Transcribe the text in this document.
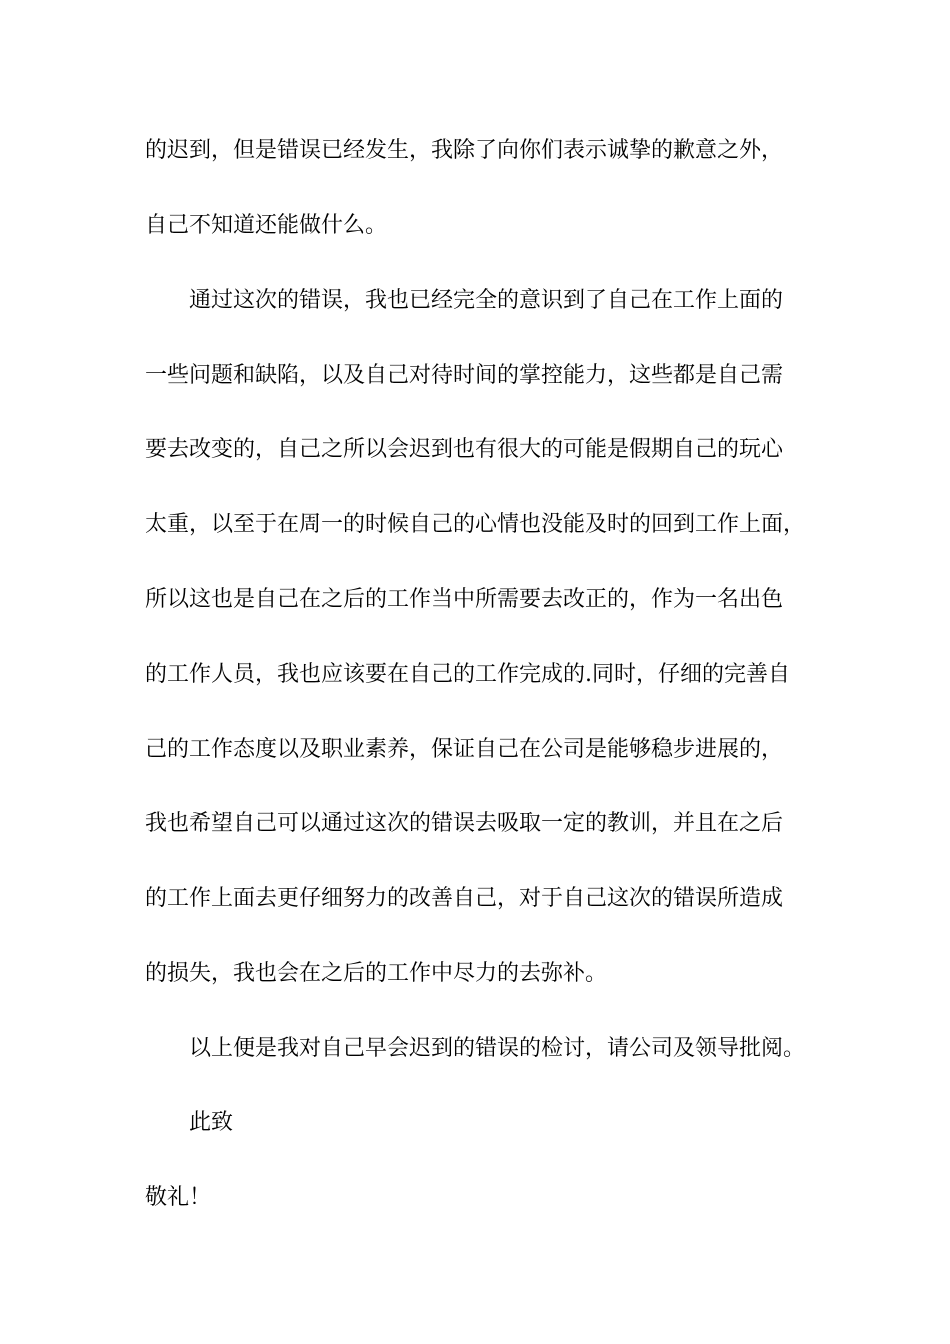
的迟到，但是错误已经发生，我除了向你们表示诚挚的歉意之外，
自己不知道还能做什么。
通过这次的错误，我也已经完全的意识到了自己在工作上面的
一些问题和缺陷，以及自己对待时间的掌控能力，这些都是自己需
要去改变的，自己之所以会迟到也有很大的可能是假期自己的玩心
太重，以至于在周一的时候自己的心情也没能及时的回到工作上面，
所以这也是自己在之后的工作当中所需要去改正的，作为一名出色
的工作人员，我也应该要在自己的工作完成的.同时，仔细的完善自
己的工作态度以及职业素养，保证自己在公司是能够稳步进展的，
我也希望自己可以通过这次的错误去吸取一定的教训，并且在之后
的工作上面去更仔细努力的改善自己，对于自己这次的错误所造成
的损失，我也会在之后的工作中尽力的去弥补。
以上便是我对自己早会迟到的错误的检讨，请公司及领导批阅。
此致
敬礼！
